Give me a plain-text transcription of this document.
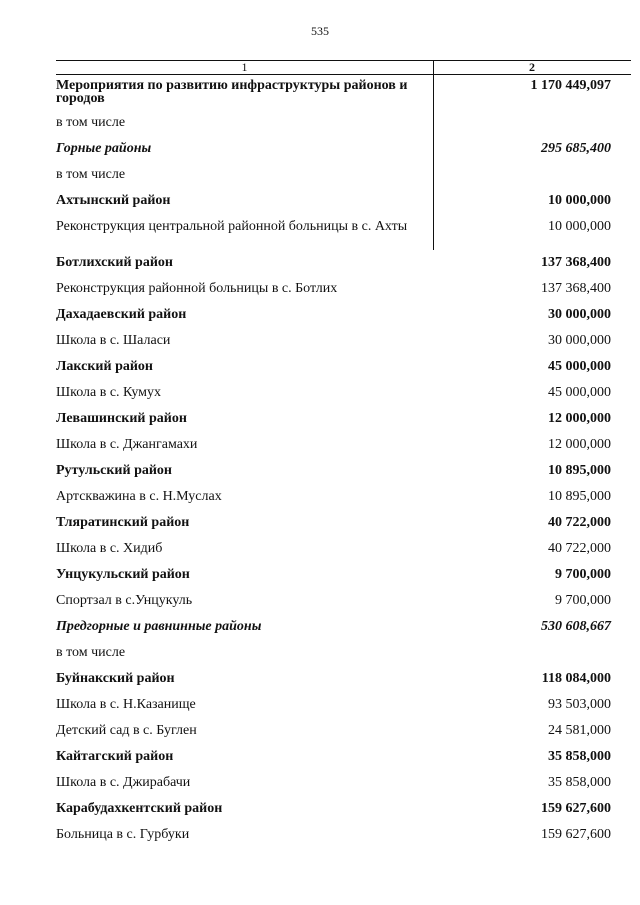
535
1	2
Мероприятия по развитию инфраструктуры районов и городов
1 170 449,097
в том числе
Горные районы	295 685,400
в том числе
Ахтынский район	10 000,000
Реконструкция центральной районной больницы в с. Ахты	10 000,000
Ботлихский район	137 368,400
Реконструкция районной больницы в с. Ботлих	137 368,400
Дахадаевский район	30 000,000
Школа в с. Шаласи	30 000,000
Лакский район	45 000,000
Школа в с. Кумух	45 000,000
Левашинский район	12 000,000
Школа в с. Джангамахи	12 000,000
Рутульский район	10 895,000
Артскважина в с. Н.Муслах	10 895,000
Тляратинский район	40 722,000
Школа в с. Хидиб	40 722,000
Унцукульский район	9 700,000
Спортзал в с.Унцукуль	9 700,000
Предгорные и равнинные районы	530 608,667
в том числе
Буйнакский район	118 084,000
Школа в с. Н.Казанище	93 503,000
Детский сад в с. Буглен	24 581,000
Кайтагский район	35 858,000
Школа в с. Джирабачи	35 858,000
Карабудахкентский район	159 627,600
Больница в с. Гурбуки	159 627,600
